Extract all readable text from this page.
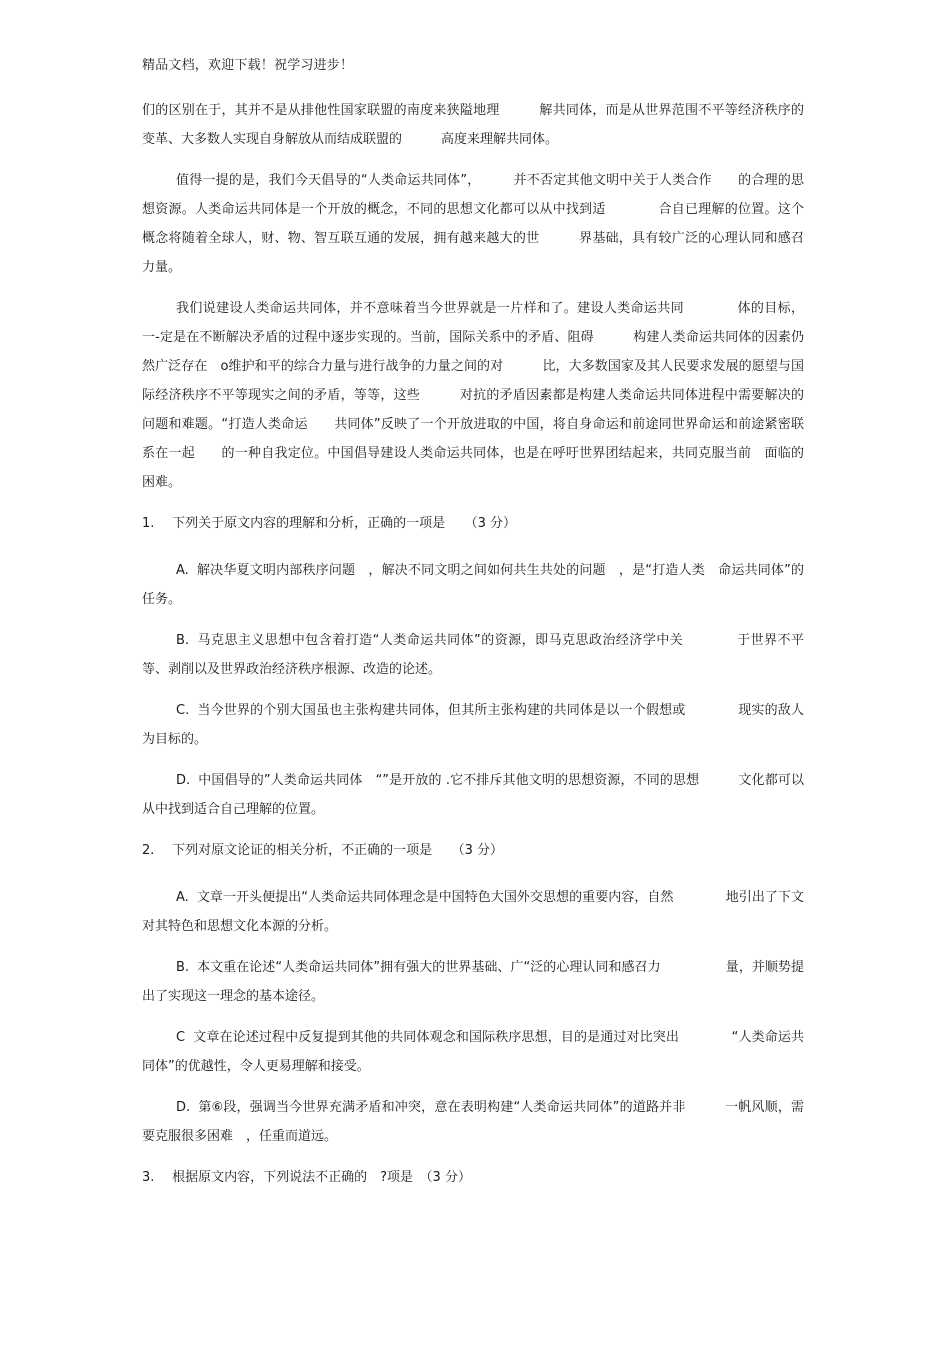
精品文档，欢迎下载！祝学习进步！

们的区别在于，其并不是从排他性国家联盟的南度来狭隘地理　　　解共同体，而是从世界范围不平等经济秩序的变革、大多数人实现自身解放从而结成联盟的　　　高度来理解共同体。

值得一提的是，我们今天倡导的“人类命运共同体”，　　　并不否定其他文明中关于人类合作　　的合理的思想资源。人类命运共同体是一个开放的概念，不同的思想文化都可以从中找到适　　　　合自已理解的位置。这个概念将随着全球人，财、物、智互联互通的发展，拥有越来越大的世　　　界基础，具有较广泛的心理认同和感召力量。

我们说建设人类命运共同体，并不意味着当今世界就是一片样和了。建设人类命运共同　　　　体的目标，一-定是在不断解决矛盾的过程中逐步实现的。当前，国际关系中的矛盾、阻碍　　　构建人类命运共同体的因素仍然广泛存在　o维护和平的综合力量与进行战争的力量之间的对　　　比，大多数国家及其人民要求发展的愿望与国际经济秩序不平等现实之间的矛盾，等等，这些　　　对抗的矛盾因素都是构建人类命运共同体进程中需要解决的问题和难题。“打造人类命运　　共同体”反映了一个开放进取的中国，将自身命运和前途同世界命运和前途紧密联系在一起　　的一种自我定位。中国倡导建设人类命运共同体，也是在呼吁世界团结起来，共同克服当前　面临的困难。

1. 下列关于原文内容的理解和分析，正确的一项是　　（3 分）

A. 解决华夏文明内部秩序问题　，解决不同文明之间如何共生共处的问题　，是“打造人类　命运共同体”的任务。

B. 马克思主义思想中包含着打造“人类命运共同体”的资源，即马克思政治经济学中关　　　　于世界不平等、剥削以及世界政治经济秩序根源、改造的论述。

C. 当今世界的个别大国虽也主张构建共同体，但其所主张构建的共同体是以一个假想或　　　　现实的敌人为目标的。

D. 中国倡导的”人类命运共同体　“”是开放的 .它不排斥其他文明的思想资源，不同的思想　　　文化都可以从中找到适合自己理解的位置。

2. 下列对原文论证的相关分析，不正确的一项是　　（3 分）

A. 文章一开头便提出“人类命运共同体理念是中国特色大国外交思想的重要内容，自然　　　　地引出了下文对其特色和思想文化本源的分析。

B. 本文重在论述“人类命运共同体”拥有强大的世界基础、广“泛的心理认同和感召力　　　　　量，并顺势提出了实现这一理念的基本途径。

C 文章在论述过程中反复提到其他的共同体观念和国际秩序思想，目的是通过对比突出　　　　“人类命运共同体”的优越性，令人更易理解和接受。

D. 第⑥段，强调当今世界充满矛盾和冲突，意在表明构建“人类命运共同体”的道路并非　　　一帆风顺，需要克服很多困难　，任重而道远。

3. 根据原文内容，下列说法不正确的　?项是　（3 分）
